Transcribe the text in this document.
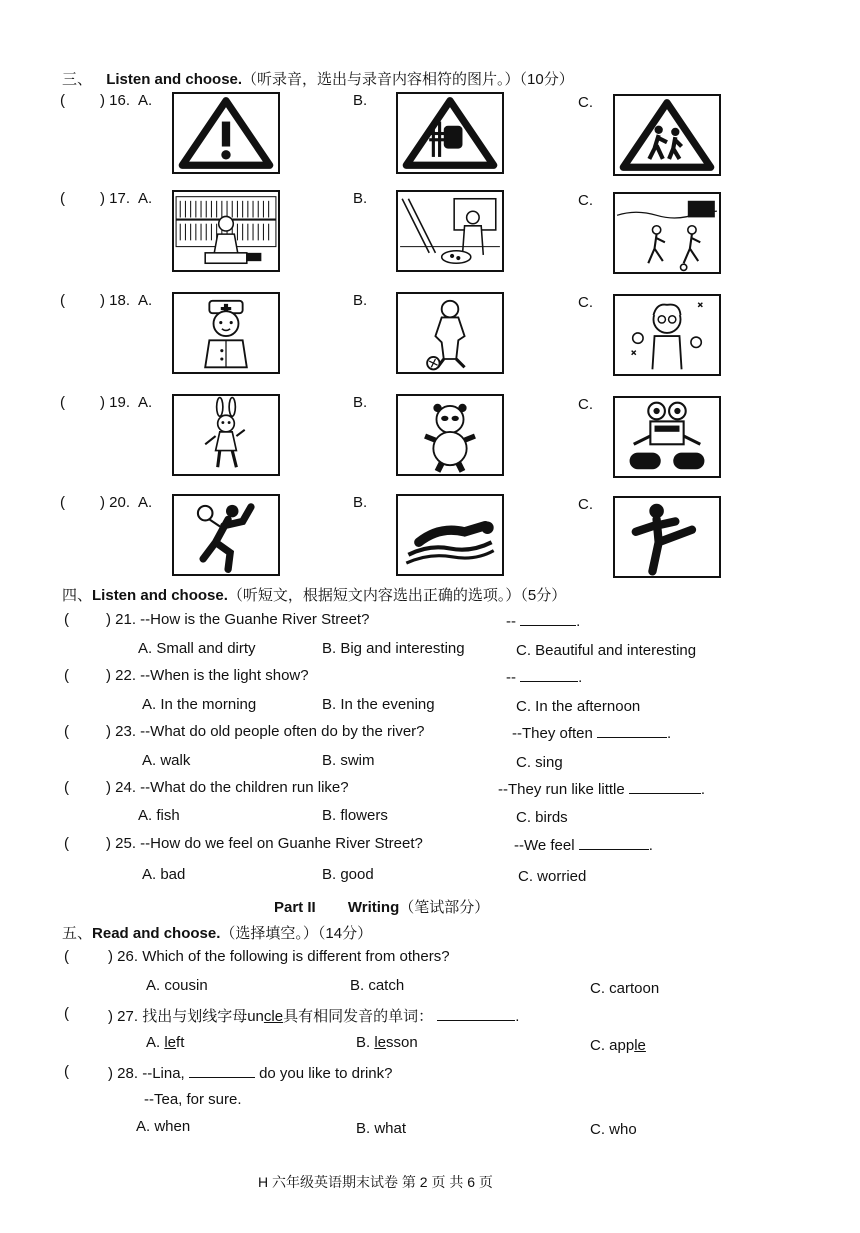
三、 Listen and choose.（听录音，选出与录音内容相符的图片。）（10分）
( ) 16. A.	B.	C.
( ) 17. A.	B.	C.
( ) 18. A.	B.	C.
( ) 19. A.	B.	C.
( ) 20. A.	B.	C.
四、Listen and choose.（听短文，根据短文内容选出正确的选项。）（5分）
( ) 21. --How is the Guanhe River Street?	--	.
A. Small and dirty	B. Big and interesting	C. Beautiful and interesting
( ) 22. --When is the light show?	--	.
A. In the morning	B. In the evening	C. In the afternoon
( ) 23. --What do old people often do by the river?	--They often	.
A. walk	B. swim	C. sing
( ) 24. --What do the children run like?	--They run like little	.
A. fish	B. flowers	C. birds
( ) 25. --How do we feel on Guanhe River Street?	--We feel	.
A. bad	B. good	C. worried
Part II Writing（笔试部分）
五、Read and choose.（选择填空。）（14分）
(	) 26. Which of the following is different from others?
A. cousin	B. catch	C. cartoon
(	) 27. 找出与划线字母uncle具有相同发音的单词：	.
A. left	B. lesson	C. apple
(	) 28. --Lina,	do you like to drink?
--Tea, for sure.
A. when	B. what	C. who
H 六年级英语期末试卷 第 2 页 共 6 页
